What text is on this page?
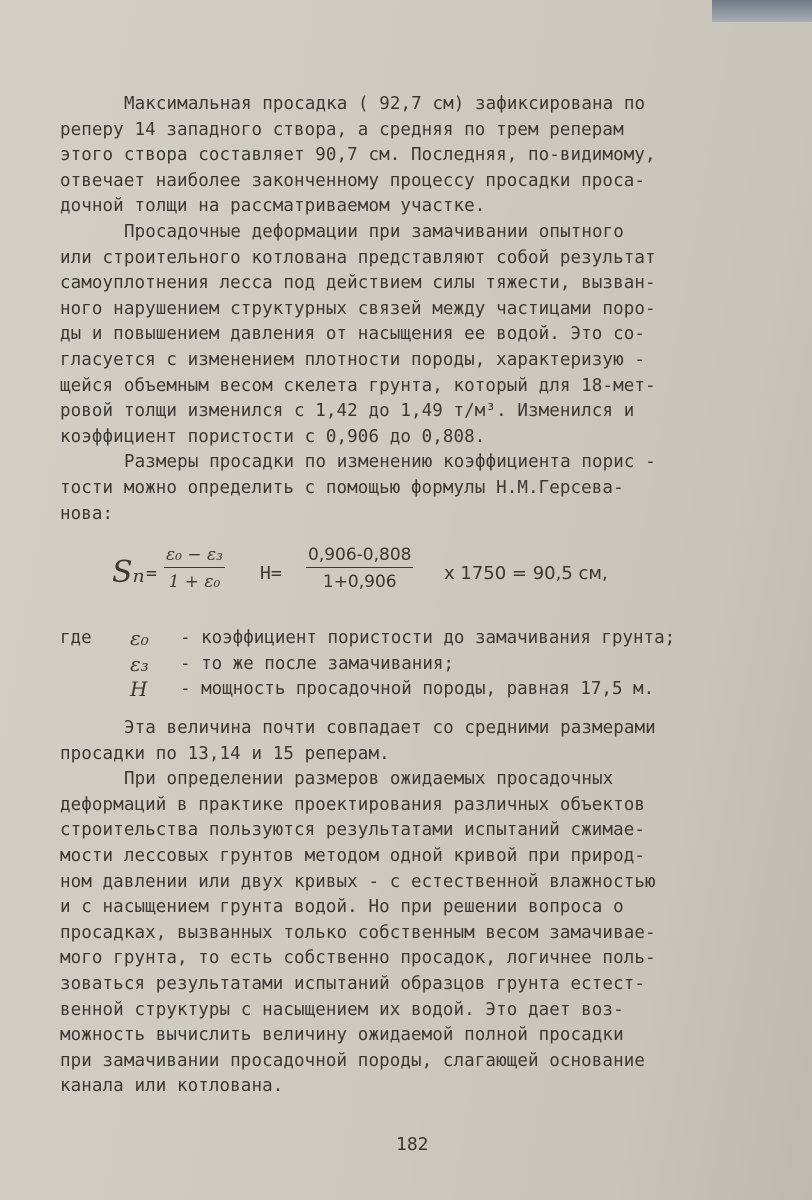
Максимальная просадка ( 92,7 см) зафиксирована по
реперу 14 западного створа, а средняя по трем реперам
этого створа составляет 90,7 см. Последняя, по-видимому,
отвечает наиболее законченному процессу просадки проса-
дочной толщи на рассматриваемом участке.
Просадочные деформации при замачивании опытного
или строительного котлована представляют собой результат
самоуплотнения лесса под действием силы тяжести, вызван-
ного нарушением структурных связей между частицами поро-
ды и повышением давления от насыщения ее водой. Это со-
гласуется с изменением плотности породы, характеризую -
щейся объемным весом скелета грунта, который для 18-мет-
ровой толщи изменился с 1,42 до 1,49 т/м³. Изменился и
коэффициент пористости с 0,906 до 0,808.
Размеры просадки по изменению коэффициента порис -
тости можно определить с помощью формулы Н.М.Герсева-
нова:
$S_n = \frac{\text{ε₀ − ε₃}}{\text{1 + ε₀}} H= \frac{0,906-0,808}{1+0,906}$ x 1750 = 90,5 см,

где

ε₀

- коэффициент пористости до замачивания грунта;

ε₃

- то же после замачивания;

H

- мощность просадочной породы, равная 17,5 м.

Эта величина почти совпадает со средними размерами
просадки по 13,14 и 15 реперам.
При определении размеров ожидаемых просадочных
деформаций в практике проектирования различных объектов
строительства пользуются результатами испытаний сжимае-
мости лессовых грунтов методом одной кривой при природ-
ном давлении или двух кривых - с естественной влажностью
и с насыщением грунта водой. Но при решении вопроса о
просадках, вызванных только собственным весом замачивае-
мого грунта, то есть собственно просадок, логичнее поль-
зоваться результатами испытаний образцов грунта естест-
венной структуры с насыщением их водой. Это дает воз-
можность вычислить величину ожидаемой полной просадки
при замачивании просадочной породы, слагающей основание
канала или котлована.
182
